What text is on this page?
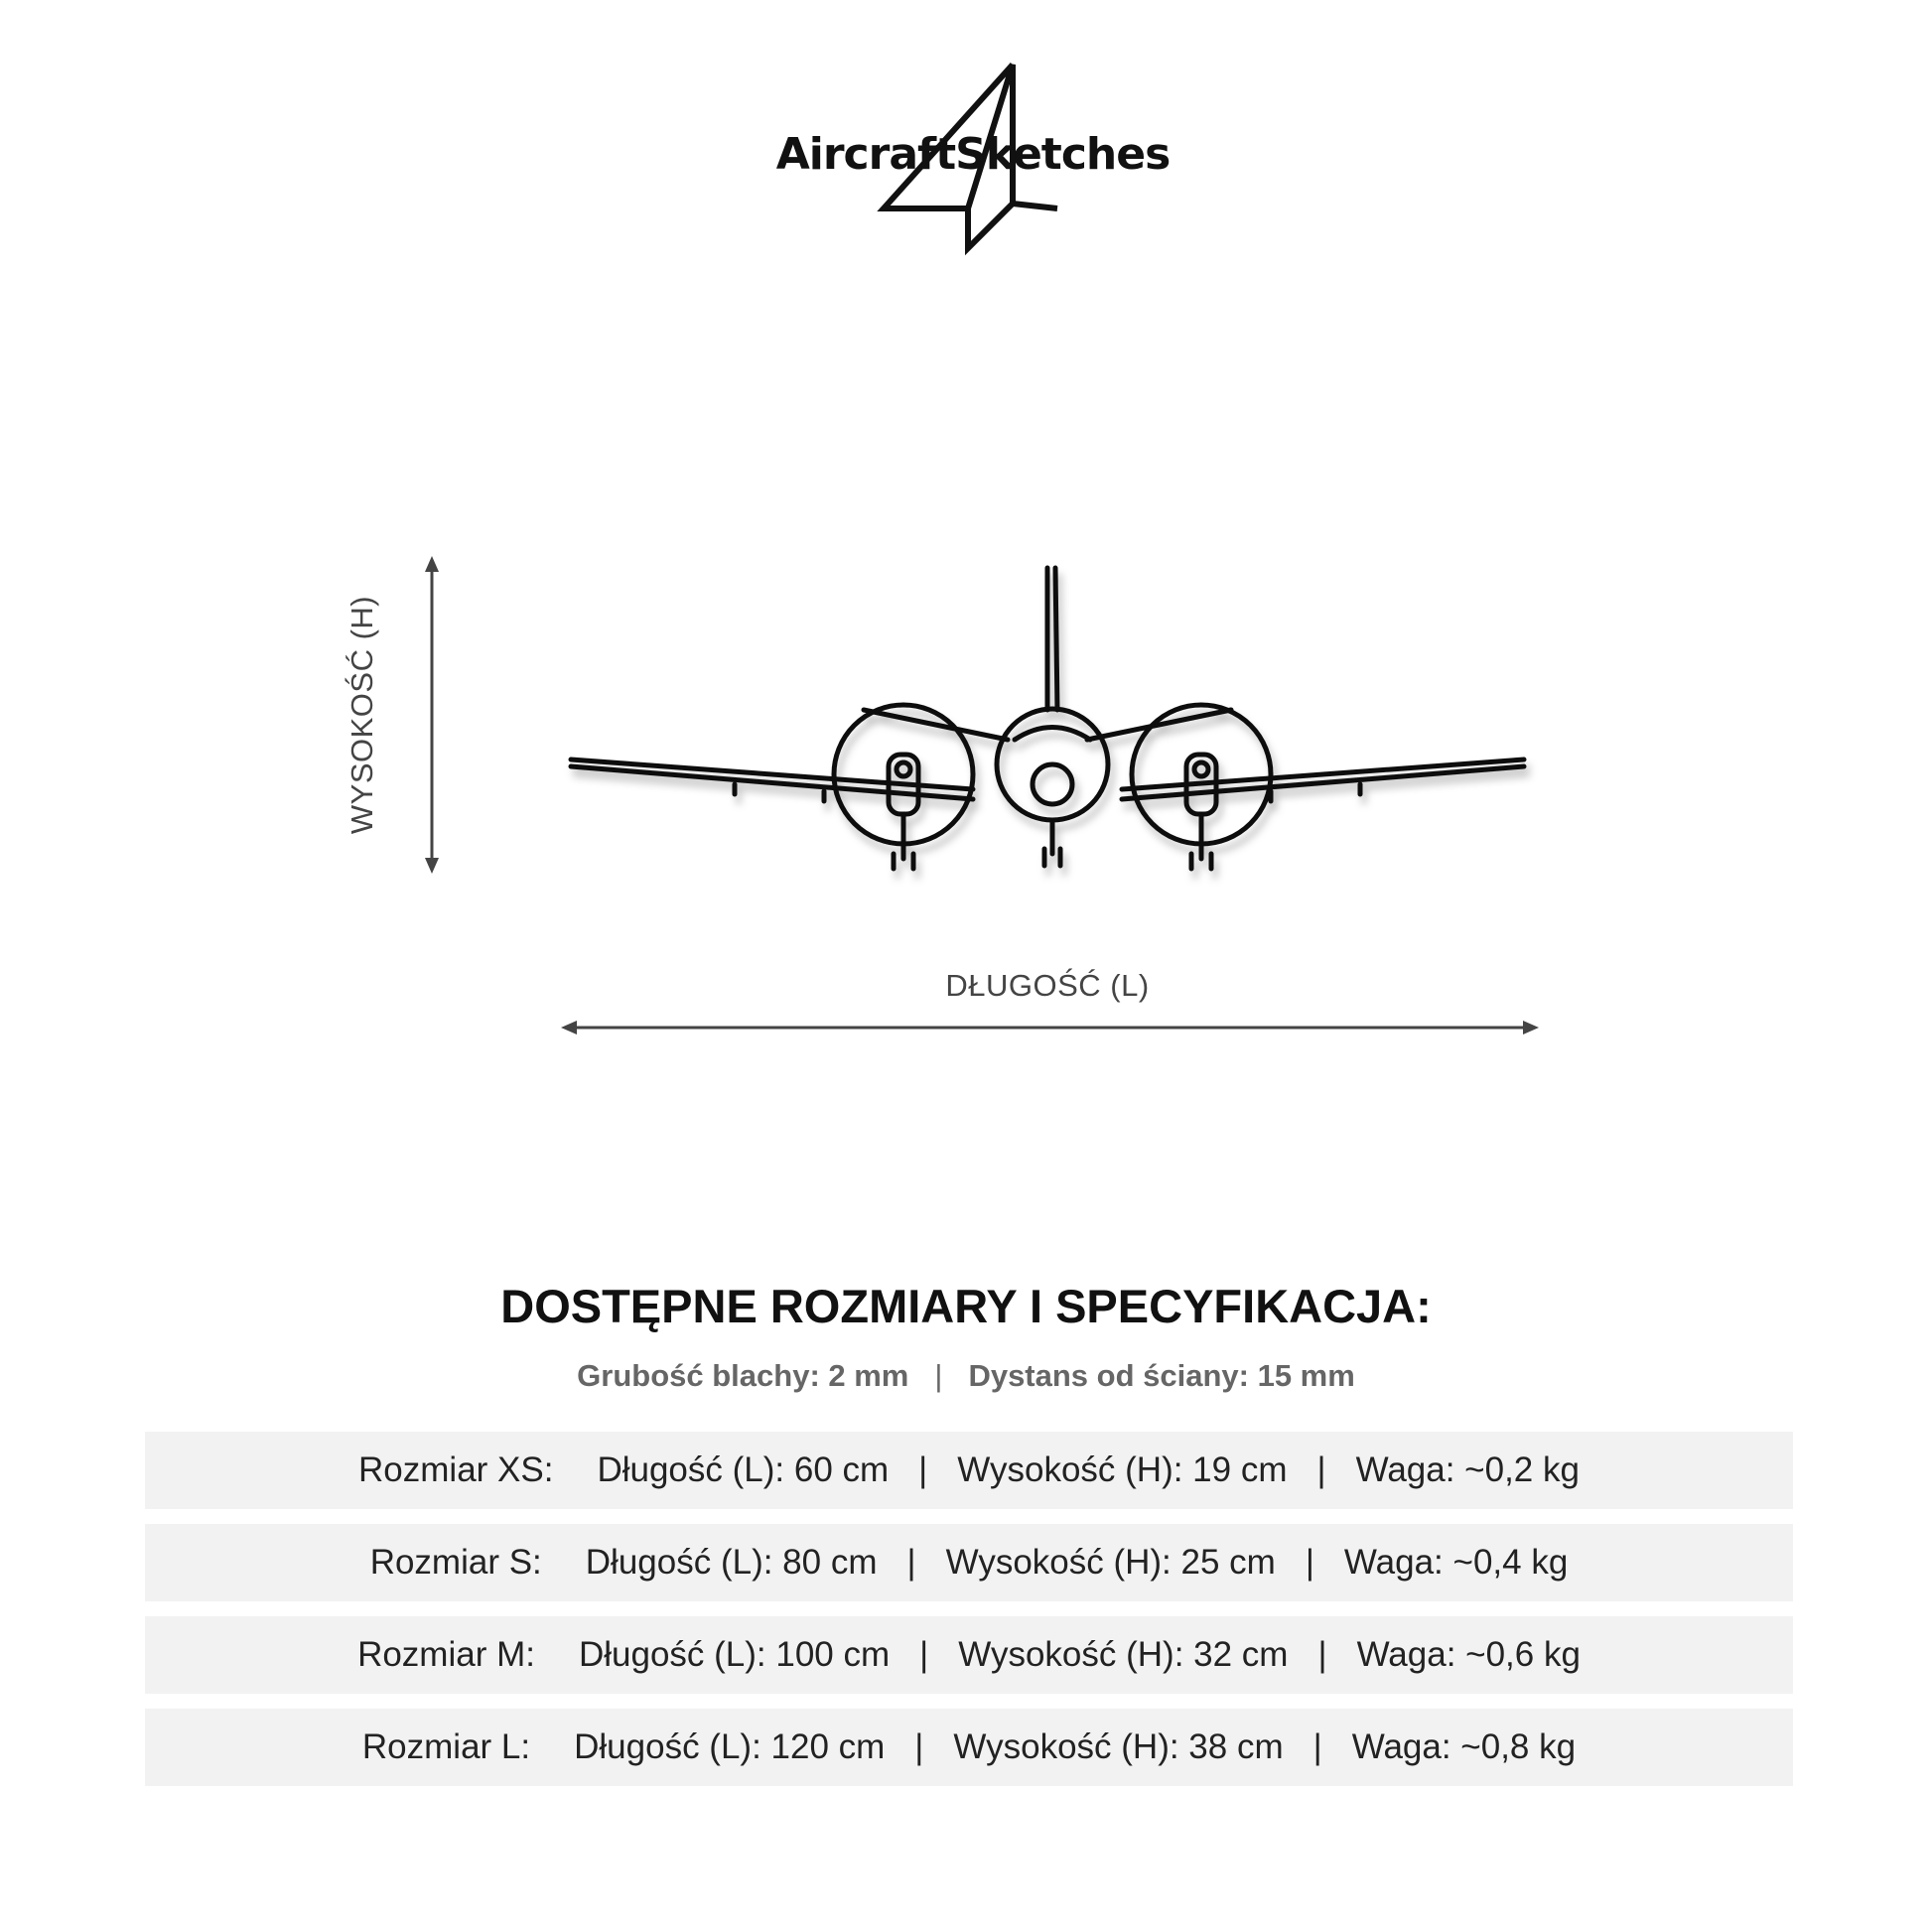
AircraftSketches
WYSOKOŚĆ (H)
DŁUGOŚĆ (L)
DOSTĘPNE ROZMIARY I SPECYFIKACJA:
Grubość blachy: 2 mm | Dystans od ściany: 15 mm
Rozmiar XS:	Długość (L): 60 cm | Wysokość (H): 19 cm | Waga: ~0,2 kg
Rozmiar S:	Długość (L): 80 cm | Wysokość (H): 25 cm | Waga: ~0,4 kg
Rozmiar M:	Długość (L): 100 cm | Wysokość (H): 32 cm | Waga: ~0,6 kg
Rozmiar L:	Długość (L): 120 cm | Wysokość (H): 38 cm | Waga: ~0,8 kg
